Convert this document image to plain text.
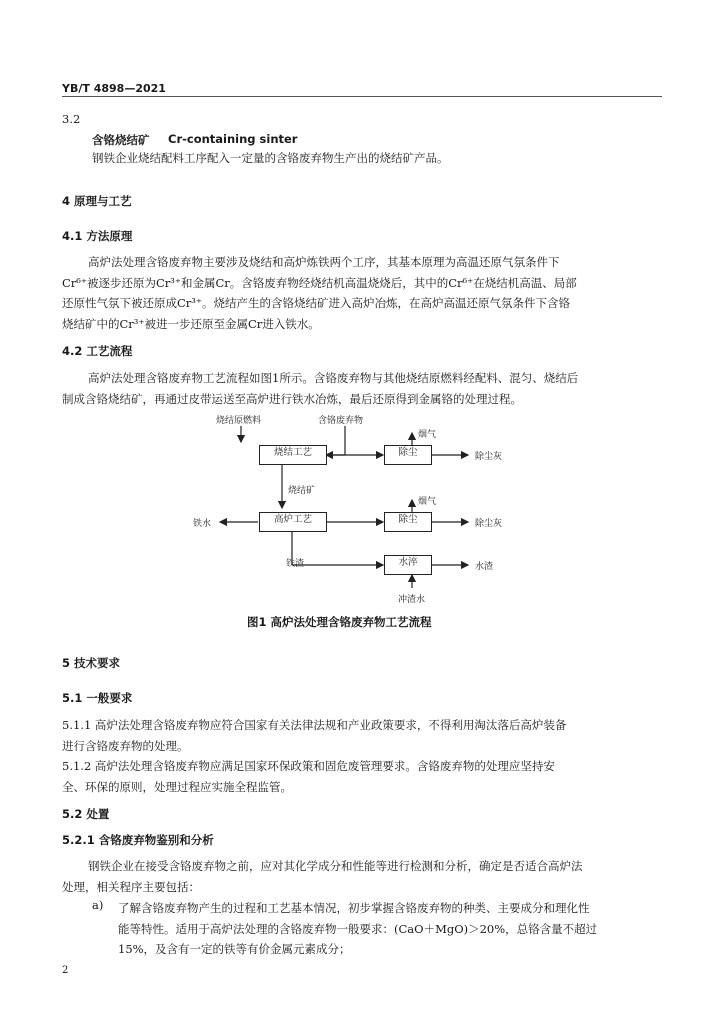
YB/T 4898—2021
3.2
含铬烧结矿 Cr-containing sinter
钢铁企业烧结配料工序配入一定量的含铬废弃物生产出的烧结矿产品。
4 原理与工艺
4.1 方法原理
高炉法处理含铬废弃物主要涉及烧结和高炉炼铁两个工序，其基本原理为高温还原气氛条件下
Cr⁶⁺被逐步还原为Cr³⁺和金属Cr。含铬废弃物经烧结机高温烧烧后，其中的Cr⁶⁺在烧结机高温、局部
还原性气氛下被还原成Cr³⁺。烧结产生的含铬烧结矿进入高炉冶炼，在高炉高温还原气氛条件下含铬
烧结矿中的Cr³⁺被进一步还原至金属Cr进入铁水。
4.2 工艺流程
高炉法处理含铬废弃物工艺流程如图1所示。含铬废弃物与其他烧结原燃料经配料、混匀、烧结后
制成含铬烧结矿，再通过皮带运送至高炉进行铁水冶炼，最后还原得到金属铬的处理过程。
烧结原燃料	含铬废弃物
烧结工艺	除尘
烟气
除尘灰
烧结矿
高炉工艺
铁水	除尘
烟气
除尘灰
铁渣	水淬
冲渣水
水渣
图1 高炉法处理含铬废弃物工艺流程
5 技术要求
5.1 一般要求
5.1.1 高炉法处理含铬废弃物应符合国家有关法律法规和产业政策要求，不得利用淘汰落后高炉装备
进行含铬废弃物的处理。
5.1.2 高炉法处理含铬废弃物应满足国家环保政策和固危废管理要求。含铬废弃物的处理应坚持安
全、环保的原则，处理过程应实施全程监管。
5.2 处置
5.2.1 含铬废弃物鉴别和分析
钢铁企业在接受含铬废弃物之前，应对其化学成分和性能等进行检测和分析，确定是否适合高炉法
处理，相关程序主要包括：
a) 了解含铬废弃物产生的过程和工艺基本情况，初步掌握含铬废弃物的种类、主要成分和理化性
能等特性。适用于高炉法处理的含铬废弃物一般要求：(CaO＋MgO)＞20%，总铬含量不超过
15%，及含有一定的铁等有价金属元素成分；
2
